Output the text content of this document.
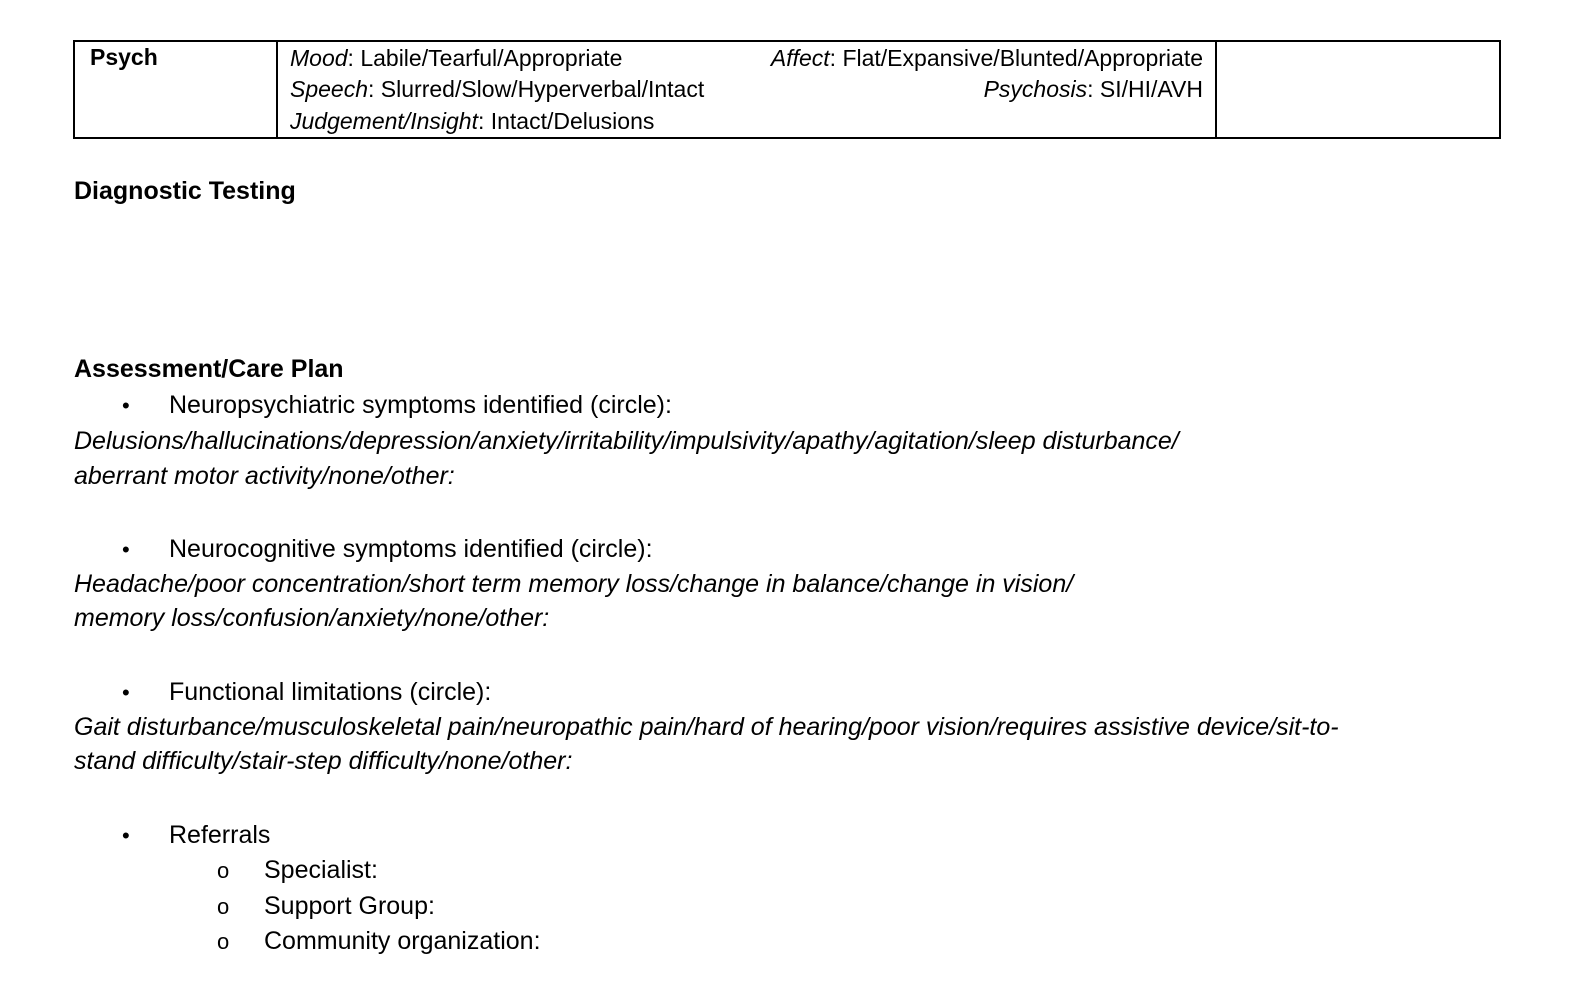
Psych	Mood: Labile/Tearful/Appropriate	Affect: Flat/Expansive/Blunted/Appropriate
Speech: Slurred/Slow/Hyperverbal/Intact	Psychosis: SI/HI/AVH
Judgement/Insight: Intact/Delusions
Diagnostic Testing
Assessment/Care Plan
•	Neuropsychiatric symptoms identified (circle):
Delusions/hallucinations/depression/anxiety/irritability/impulsivity/apathy/agitation/sleep disturbance/
aberrant motor activity/none/other:
•	Neurocognitive symptoms identified (circle):
Headache/poor concentration/short term memory loss/change in balance/change in vision/
memory loss/confusion/anxiety/none/other:
•	Functional limitations (circle):
Gait disturbance/musculoskeletal pain/neuropathic pain/hard of hearing/poor vision/requires assistive device/sit-to-
stand difficulty/stair-step difficulty/none/other:
•	Referrals
o	Specialist:
o	Support Group:
o	Community organization:
